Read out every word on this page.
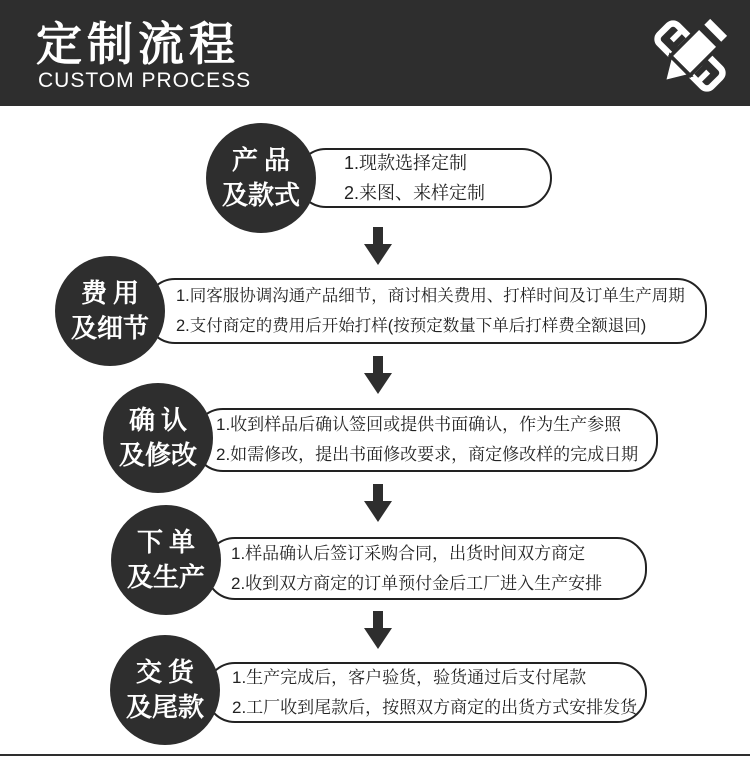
定制流程
CUSTOM PROCESS
产品
及款式
1.现款选择定制
2.来图、来样定制
费用
及细节
1.同客服协调沟通产品细节，商讨相关费用、打样时间及订单生产周期
2.支付商定的费用后开始打样(按预定数量下单后打样费全额退回)
确认
及修改
1.收到样品后确认签回或提供书面确认，作为生产参照
2.如需修改，提出书面修改要求，商定修改样的完成日期
下单
及生产
1.样品确认后签订采购合同，出货时间双方商定
2.收到双方商定的订单预付金后工厂进入生产安排
交货
及尾款
1.生产完成后，客户验货，验货通过后支付尾款
2.工厂收到尾款后，按照双方商定的出货方式安排发货
